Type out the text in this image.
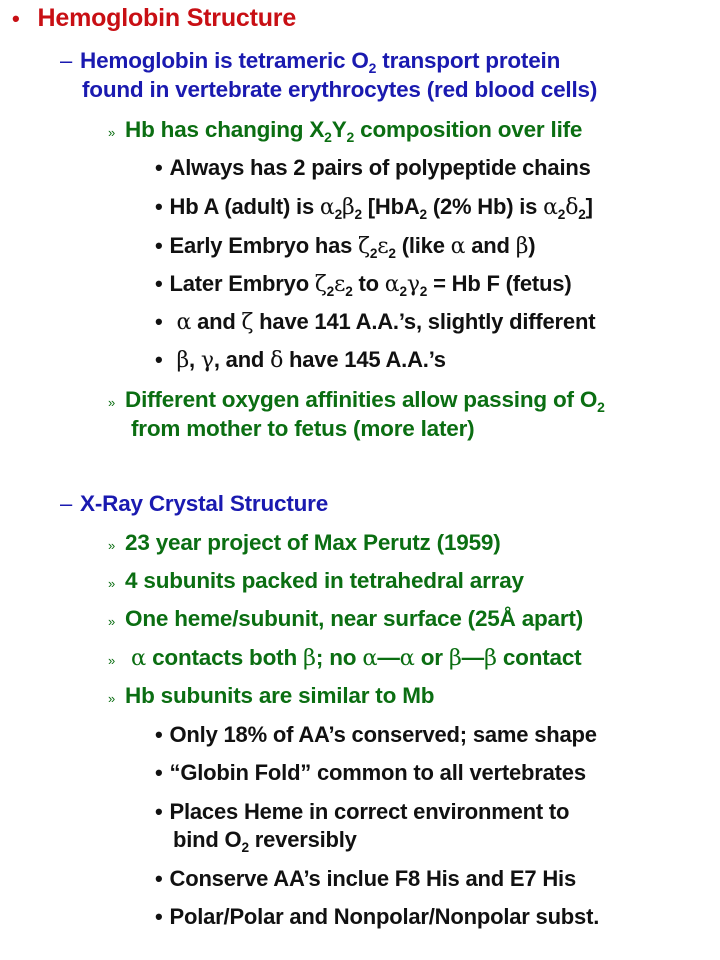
• Hemoglobin Structure
– Hemoglobin is tetrameric $O_2$ transport protein
found in vertebrate erythrocytes (red blood cells)
» Hb has changing $X_2Y_2$ composition over life
• Always has 2 pairs of polypeptide chains
• Hb A (adult) is $\alpha_2\beta_2$ [HbA$_2$ (2% Hb) is $\alpha_2\delta_2$]
• Early Embryo has $\zeta_2\varepsilon_2$ (like α and β)
• Later Embryo $\zeta_2\varepsilon_2$ to $\alpha_2\gamma_2 = Hb$ F (fetus)
• α and ζ have 141 A.A.’s, slightly different
• β, γ, and δ have 145 A.A.’s
» Different oxygen affinities allow passing of $O_2$
from mother to fetus (more later)
– X-Ray Crystal Structure
» 23 year project of Max Perutz (1959)
» 4 subunits packed in tetrahedral array
» One heme/subunit, near surface (25Å apart)
» α contacts both β; no α—α or β—β contact
» Hb subunits are similar to Mb
• Only 18% of AA’s conserved; same shape
• “Globin Fold” common to all vertebrates
• Places Heme in correct environment to
bind $O_2$ reversibly
• Conserve AA’s inclue F8 His and E7 His
• Polar/Polar and Nonpolar/Nonpolar subst.
